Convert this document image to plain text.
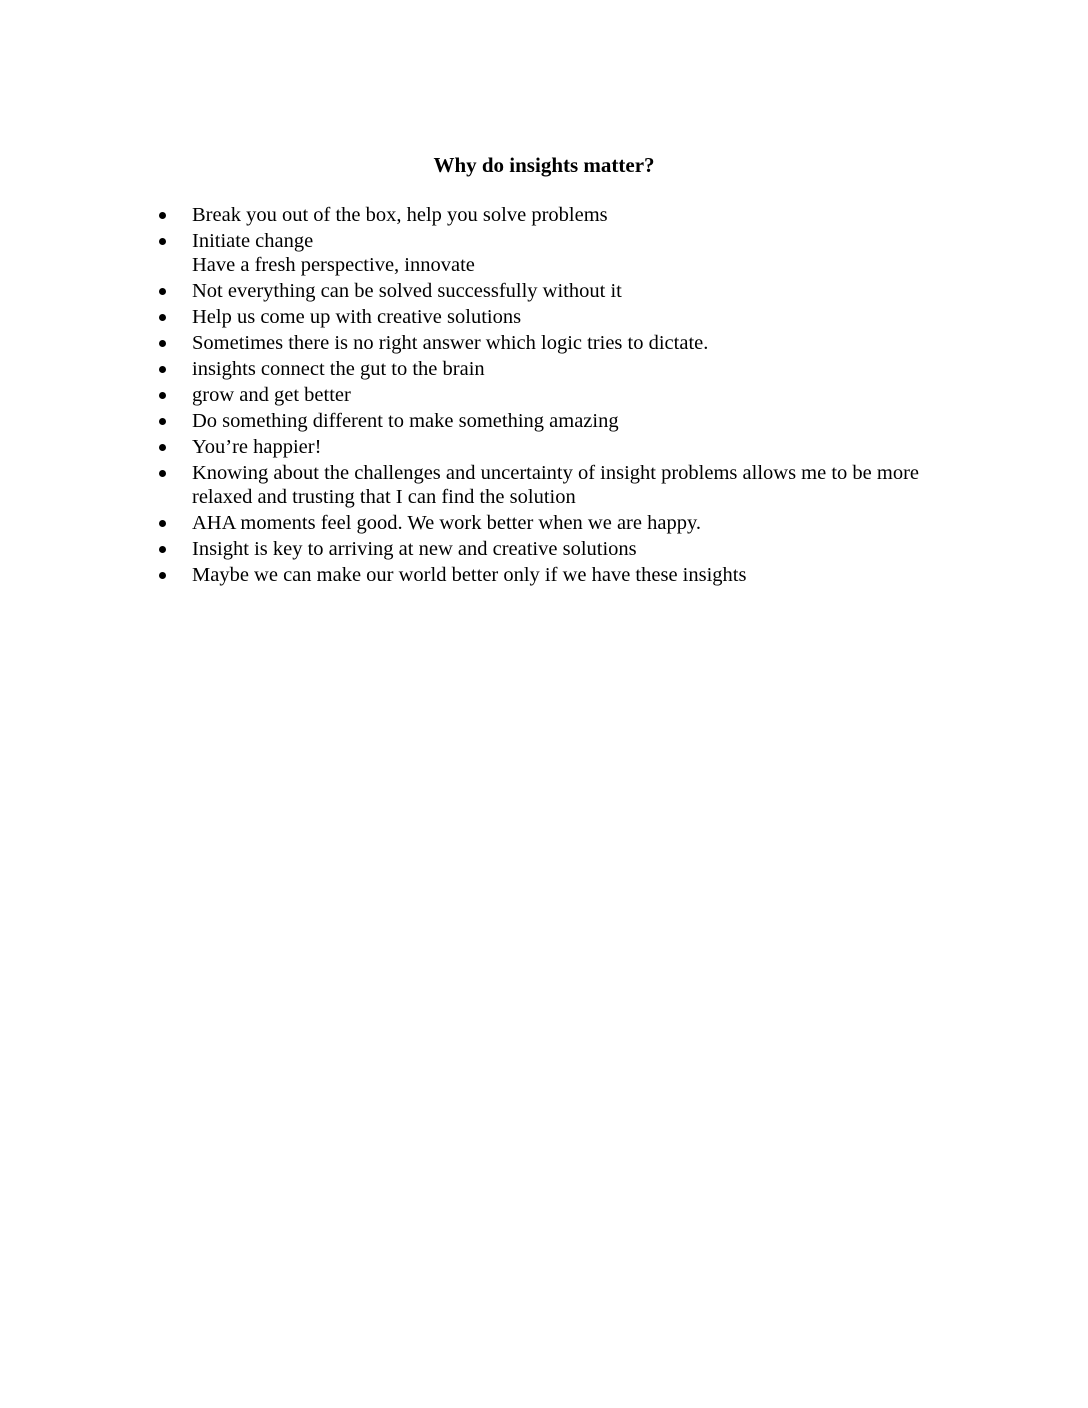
Why do insights matter?
Break you out of the box, help you solve problems
Initiate change
Have a fresh perspective, innovate
Not everything can be solved successfully without it
Help us come up with creative solutions
Sometimes there is no right answer which logic tries to dictate.
insights connect the gut to the brain
grow and get better
Do something different to make something amazing
You’re happier!
Knowing about the challenges and uncertainty of insight problems allows me to be more
relaxed and trusting that I can find the solution
AHA moments feel good. We work better when we are happy.
Insight is key to arriving at new and creative solutions
Maybe we can make our world better only if we have these insights
